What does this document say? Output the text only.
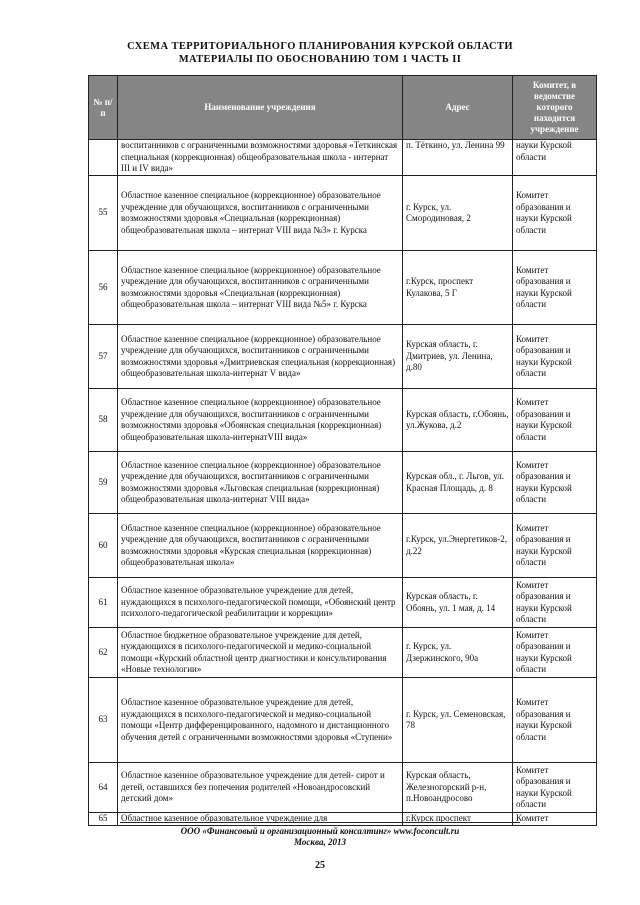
СХЕМА ТЕРРИТОРИАЛЬНОГО ПЛАНИРОВАНИЯ КУРСКОЙ ОБЛАСТИ
МАТЕРИАЛЫ ПО ОБОСНОВАНИЮ ТОМ 1 ЧАСТЬ II
№ п/п	Наименование учреждения	Адрес	Комитет, в ведомстве которого находится учреждение
	воспитанников с ограниченными возможностями здоровья «Теткинская специальная (коррекционная) общеобразовательная школа - интернат III и IV вида»	п. Тёткино, ул. Ленина 99	науки Курской области
55	Областное казенное специальное (коррекционное) образовательное учреждение для обучающихся, воспитанников с ограниченными возможностями здоровья «Специальная (коррекционная) общеобразовательная школа – интернат VIII вида №3» г. Курска	г. Курск, ул. Смородиновая, 2	Комитет образования и науки Курской области
56	Областное казенное специальное (коррекционное) образовательное учреждение для обучающихся, воспитанников с ограниченными возможностями здоровья «Специальная (коррекционная) общеобразовательная школа – интернат VIII вида №5» г. Курска	г.Курск, проспект Кулакова, 5 Г	Комитет образования и науки Курской области
57	Областное казенное специальное (коррекционное) образовательное учреждение для обучающихся, воспитанников с ограниченными возможностями здоровья «Дмитриевская специальная (коррекционная) общеобразовательная школа-интернат V вида»	Курская область, г. Дмитриев, ул. Ленина, д.80	Комитет образования и науки Курской области
58	Областное казенное специальное (коррекционное) образовательное учреждение для обучающихся, воспитанников с ограниченными возможностями здоровья «Обоянская специальная (коррекционная) общеобразовательная школа-интернатVIII вида»	Курская область, г.Обоянь, ул.Жукова, д.2	Комитет образования и науки Курской области
59	Областное казенное специальное (коррекционное) образовательное учреждение для обучающихся, воспитанников с ограниченными возможностями здоровья «Льговская специальная (коррекционная) общеобразовательная школа-интернат VIII вида»	Курская обл., г. Льгов, ул. Красная Площадь, д. 8	Комитет образования и науки Курской области
60	Областное казенное специальное (коррекционное) образовательное учреждение для обучающихся, воспитанников с ограниченными возможностями здоровья «Курская специальная (коррекционная) общеобразовательная школа»	г.Курск, ул.Энергетиков-2, д.22	Комитет образования и науки Курской области
61	Областное казенное образовательное учреждение для детей, нуждающихся в психолого-педагогической помощи, «Обоянский центр психолого-педагогической реабилитации и коррекции»	Курская область, г. Обоянь, ул. 1 мая, д. 14	Комитет образования и науки Курской области
62	Областное бюджетное образовательное учреждение для детей, нуждающихся в психолого-педагогической и медико-социальной помощи «Курский областной центр диагностики и консультирования «Новые технологии»	г. Курск, ул. Дзержинского, 90а	Комитет образования и науки Курской области
63	Областное казенное образовательное учреждение для детей, нуждающихся в психолого-педагогической и медико-социальной помощи «Центр дифференцированного, надомного и дистанционного обучения детей с ограниченными возможностями здоровья «Ступени»	г. Курск, ул. Семеновская, 78	Комитет образования и науки Курской области
64	Областное казенное образовательное учреждение для детей- сирот и детей, оставшихся без попечения родителей «Новоандросовский детский дом»	Курская область, Железногорский р-н, п.Новоандросово	Комитет образования и науки Курской области
65	Областное казенное образовательное учреждение для	г.Курск проспект	Комитет
ООО «Финансовый и организационный консалтинг» www.foconcult.ru
Москва, 2013
25
